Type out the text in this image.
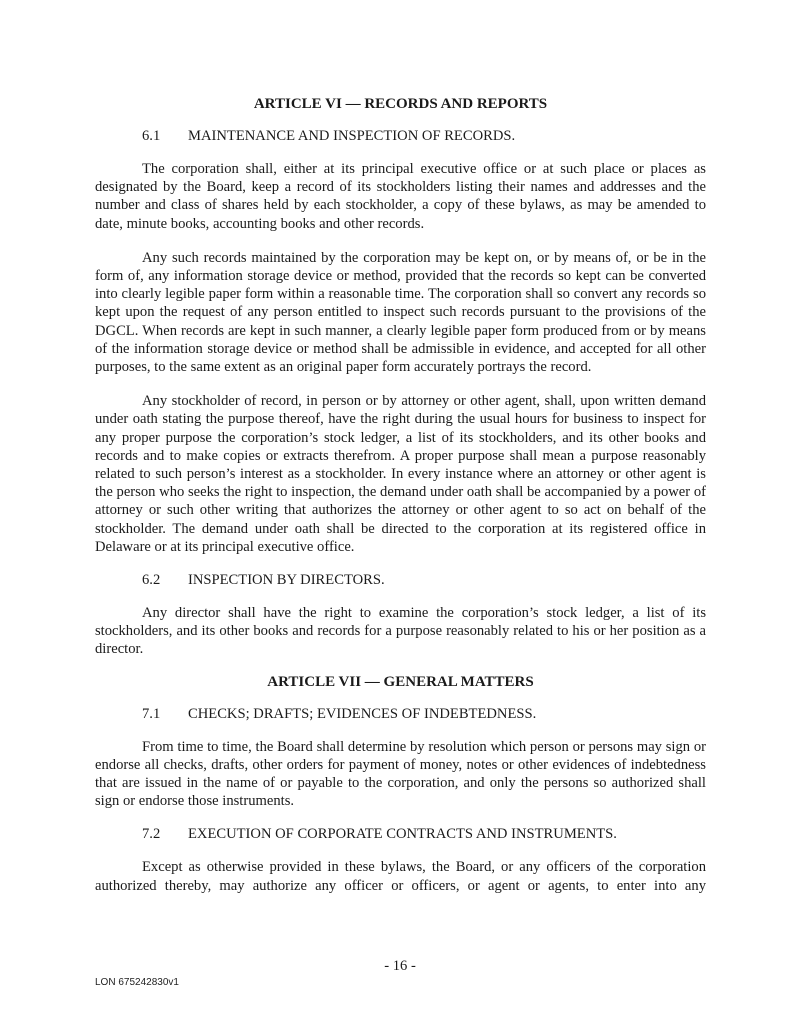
ARTICLE VI — RECORDS AND REPORTS
6.1 MAINTENANCE AND INSPECTION OF RECORDS.

The corporation shall, either at its principal executive office or at such place or places as designated by the Board, keep a record of its stockholders listing their names and addresses and the number and class of shares held by each stockholder, a copy of these bylaws, as may be amended to date, minute books, accounting books and other records.

Any such records maintained by the corporation may be kept on, or by means of, or be in the form of, any information storage device or method, provided that the records so kept can be converted into clearly legible paper form within a reasonable time. The corporation shall so convert any records so kept upon the request of any person entitled to inspect such records pursuant to the provisions of the DGCL. When records are kept in such manner, a clearly legible paper form produced from or by means of the information storage device or method shall be admissible in evidence, and accepted for all other purposes, to the same extent as an original paper form accurately portrays the record.

Any stockholder of record, in person or by attorney or other agent, shall, upon written demand under oath stating the purpose thereof, have the right during the usual hours for business to inspect for any proper purpose the corporation’s stock ledger, a list of its stockholders, and its other books and records and to make copies or extracts therefrom. A proper purpose shall mean a purpose reasonably related to such person’s interest as a stockholder. In every instance where an attorney or other agent is the person who seeks the right to inspection, the demand under oath shall be accompanied by a power of attorney or such other writing that authorizes the attorney or other agent to so act on behalf of the stockholder. The demand under oath shall be directed to the corporation at its registered office in Delaware or at its principal executive office.

6.2 INSPECTION BY DIRECTORS.

Any director shall have the right to examine the corporation’s stock ledger, a list of its stockholders, and its other books and records for a purpose reasonably related to his or her position as a director.

ARTICLE VII — GENERAL MATTERS
7.1 CHECKS; DRAFTS; EVIDENCES OF INDEBTEDNESS.

From time to time, the Board shall determine by resolution which person or persons may sign or endorse all checks, drafts, other orders for payment of money, notes or other evidences of indebtedness that are issued in the name of or payable to the corporation, and only the persons so authorized shall sign or endorse those instruments.

7.2 EXECUTION OF CORPORATE CONTRACTS AND INSTRUMENTS.

Except as otherwise provided in these bylaws, the Board, or any officers of the corporation authorized thereby, may authorize any officer or officers, or agent or agents, to enter into any

- 16 -
LON 675242830v1
